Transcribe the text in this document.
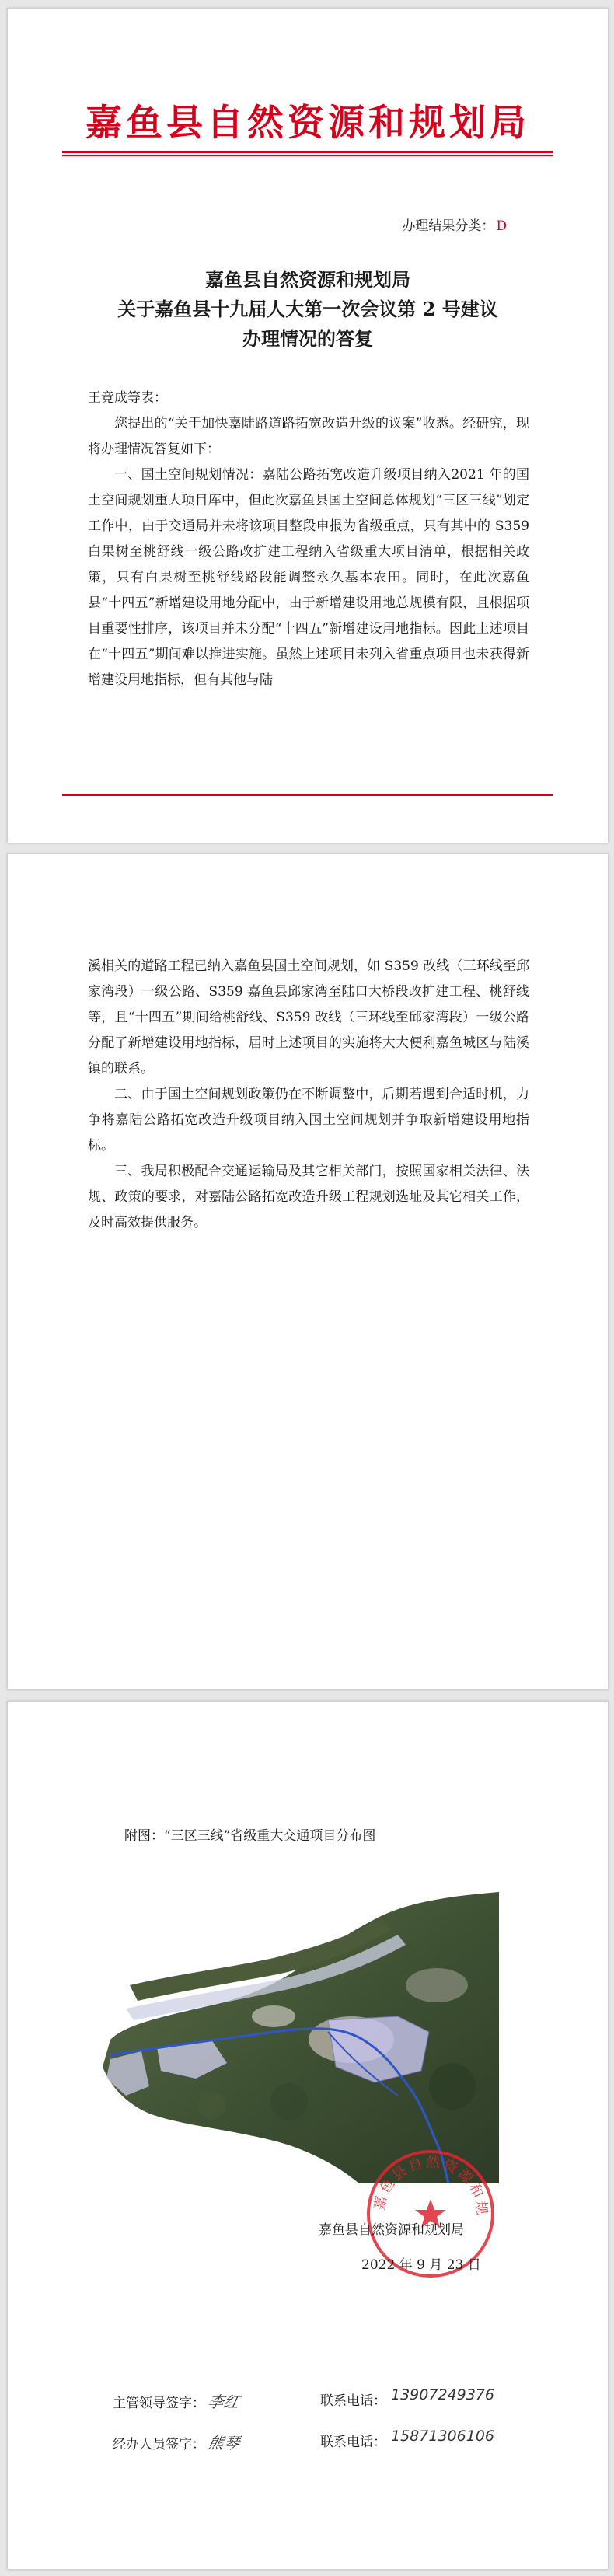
嘉鱼县自然资源和规划局
办理结果分类： D
嘉鱼县自然资源和规划局
关于嘉鱼县十九届人大第一次会议第 2 号建议
办理情况的答复

王竞成等表：

您提出的“关于加快嘉陆路道路拓宽改造升级的议案”收悉。经研究，现将办理情况答复如下：

一、国土空间规划情况：嘉陆公路拓宽改造升级项目纳入2021 年的国土空间规划重大项目库中，但此次嘉鱼县国土空间总体规划“三区三线”划定工作中，由于交通局并未将该项目整段申报为省级重点，只有其中的 S359 白果树至桃舒线一级公路改扩建工程纳入省级重大项目清单，根据相关政策，只有白果树至桃舒线路段能调整永久基本农田。同时，在此次嘉鱼县“十四五”新增建设用地分配中，由于新增建设用地总规模有限，且根据项目重要性排序，该项目并未分配“十四五”新增建设用地指标。因此上述项目在“十四五”期间难以推进实施。虽然上述项目未列入省重点项目也未获得新增建设用地指标，但有其他与陆

溪相关的道路工程已纳入嘉鱼县国土空间规划，如 S359 改线（三环线至邱家湾段）一级公路、S359 嘉鱼县邱家湾至陆口大桥段改扩建工程、桃舒线等，且“十四五”期间给桃舒线、S359 改线（三环线至邱家湾段）一级公路分配了新增建设用地指标，届时上述项目的实施将大大便利嘉鱼城区与陆溪镇的联系。

二、由于国土空间规划政策仍在不断调整中，后期若遇到合适时机，力争将嘉陆公路拓宽改造升级项目纳入国土空间规划并争取新增建设用地指标。

三、我局积极配合交通运输局及其它相关部门，按照国家相关法律、法规、政策的要求，对嘉陆公路拓宽改造升级工程规划选址及其它相关工作，及时高效提供服务。

附图：“三区三线”省级重大交通项目分布图
嘉鱼县自然资源和规
嘉鱼县自然资源和规划局
2022 年 9 月 23 日
主管领导签字：李红	联系电话： 13907249376
经办人员签字：熊琴	联系电话： 15871306106
